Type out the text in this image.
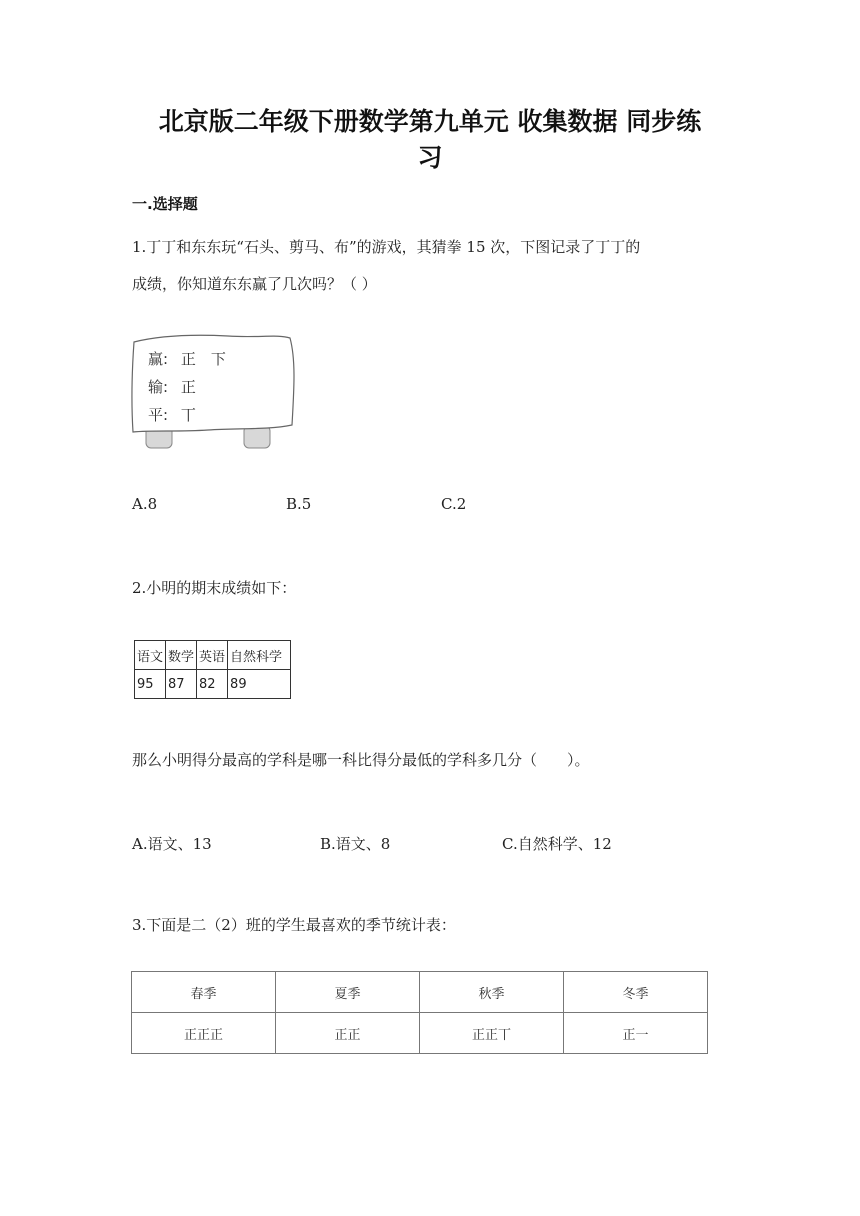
北京版二年级下册数学第九单元 收集数据 同步练
习
一.选择题
1.丁丁和东东玩“石头、剪马、布”的游戏，其猜拳 15 次，下图记录了丁丁的
成绩，你知道东东赢了几次吗？（ ）
赢: 正　下
输: 正
平: 丅
A.8	B.5	C.2
2.小明的期末成绩如下：
语文	数学	英语	自然科学
95	87	82	89
那么小明得分最高的学科是哪一科比得分最低的学科多几分（　　）。
A.语文、13	B.语文、8	C.自然科学、12
3.下面是二（2）班的学生最喜欢的季节统计表：
春季	夏季	秋季	冬季
正正正	正正	正正丅	正一
